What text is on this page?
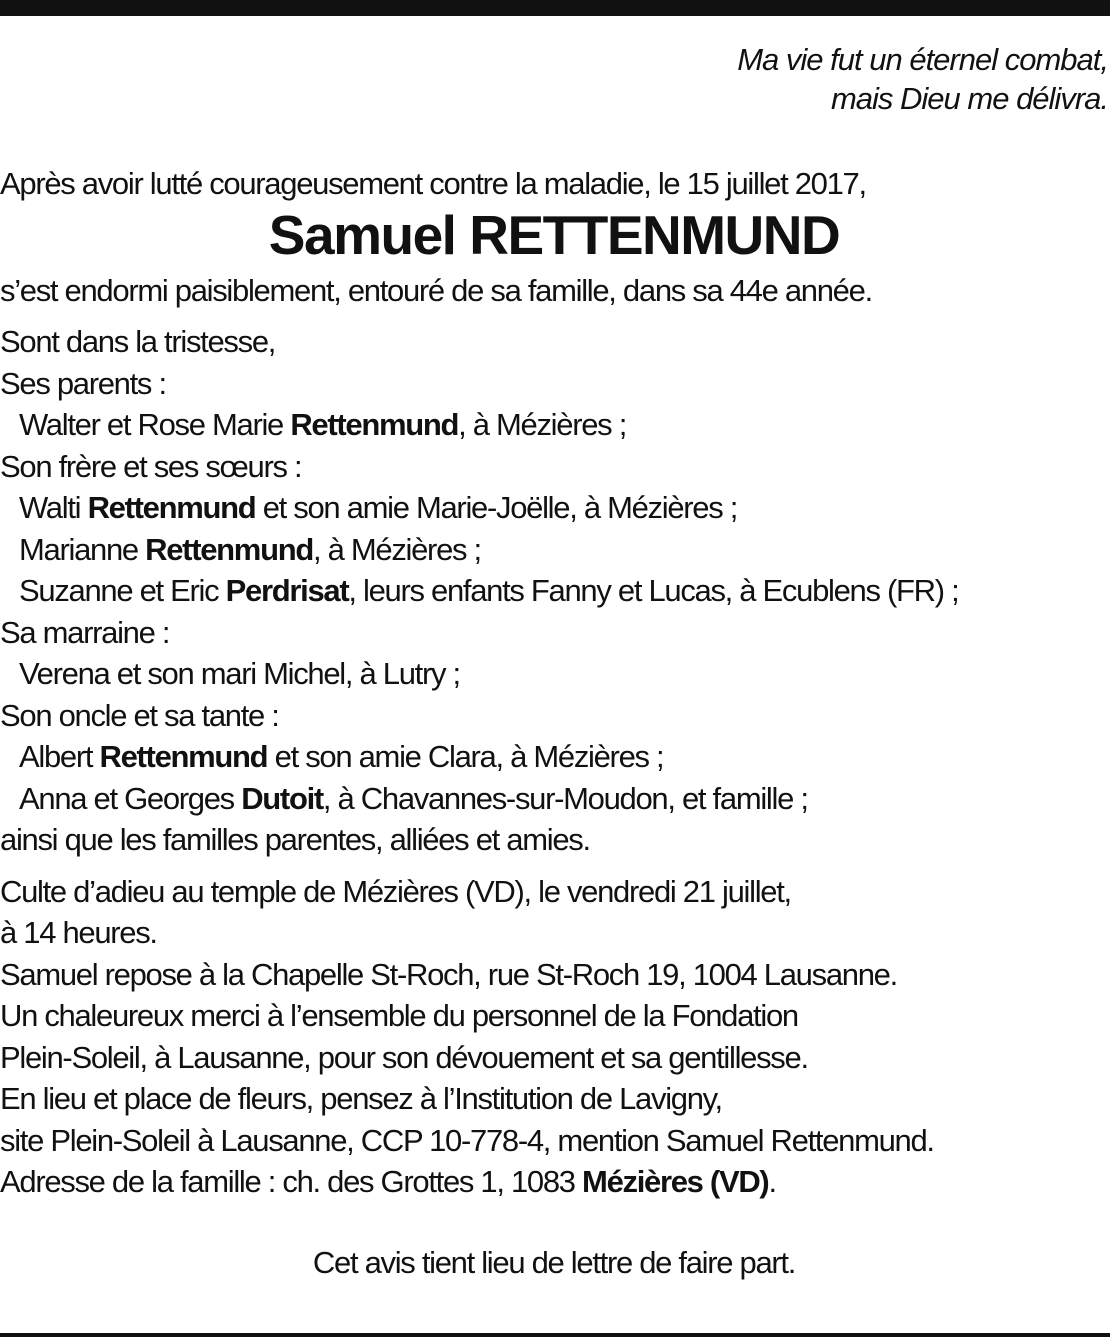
Ma vie fut un éternel combat,
mais Dieu me délivra.
Après avoir lutté courageusement contre la maladie, le 15 juillet 2017,
Samuel RETTENMUND
s’est endormi paisiblement, entouré de sa famille, dans sa 44e année.
Sont dans la tristesse,
Ses parents :
Walter et Rose Marie Rettenmund, à Mézières ;
Son frère et ses sœurs :
Walti Rettenmund et son amie Marie-Joëlle, à Mézières ;
Marianne Rettenmund, à Mézières ;
Suzanne et Eric Perdrisat, leurs enfants Fanny et Lucas, à Ecublens (FR) ;
Sa marraine :
Verena et son mari Michel, à Lutry ;
Son oncle et sa tante :
Albert Rettenmund et son amie Clara, à Mézières ;
Anna et Georges Dutoit, à Chavannes-sur-Moudon, et famille ;
ainsi que les familles parentes, alliées et amies.
Culte d’adieu au temple de Mézières (VD), le vendredi 21 juillet,
à 14 heures.
Samuel repose à la Chapelle St-Roch, rue St-Roch 19, 1004 Lausanne.
Un chaleureux merci à l’ensemble du personnel de la Fondation
Plein-Soleil, à Lausanne, pour son dévouement et sa gentillesse.
En lieu et place de fleurs, pensez à l’Institution de Lavigny,
site Plein-Soleil à Lausanne, CCP 10-778-4, mention Samuel Rettenmund.
Adresse de la famille : ch. des Grottes 1, 1083 Mézières (VD).
Cet avis tient lieu de lettre de faire part.
